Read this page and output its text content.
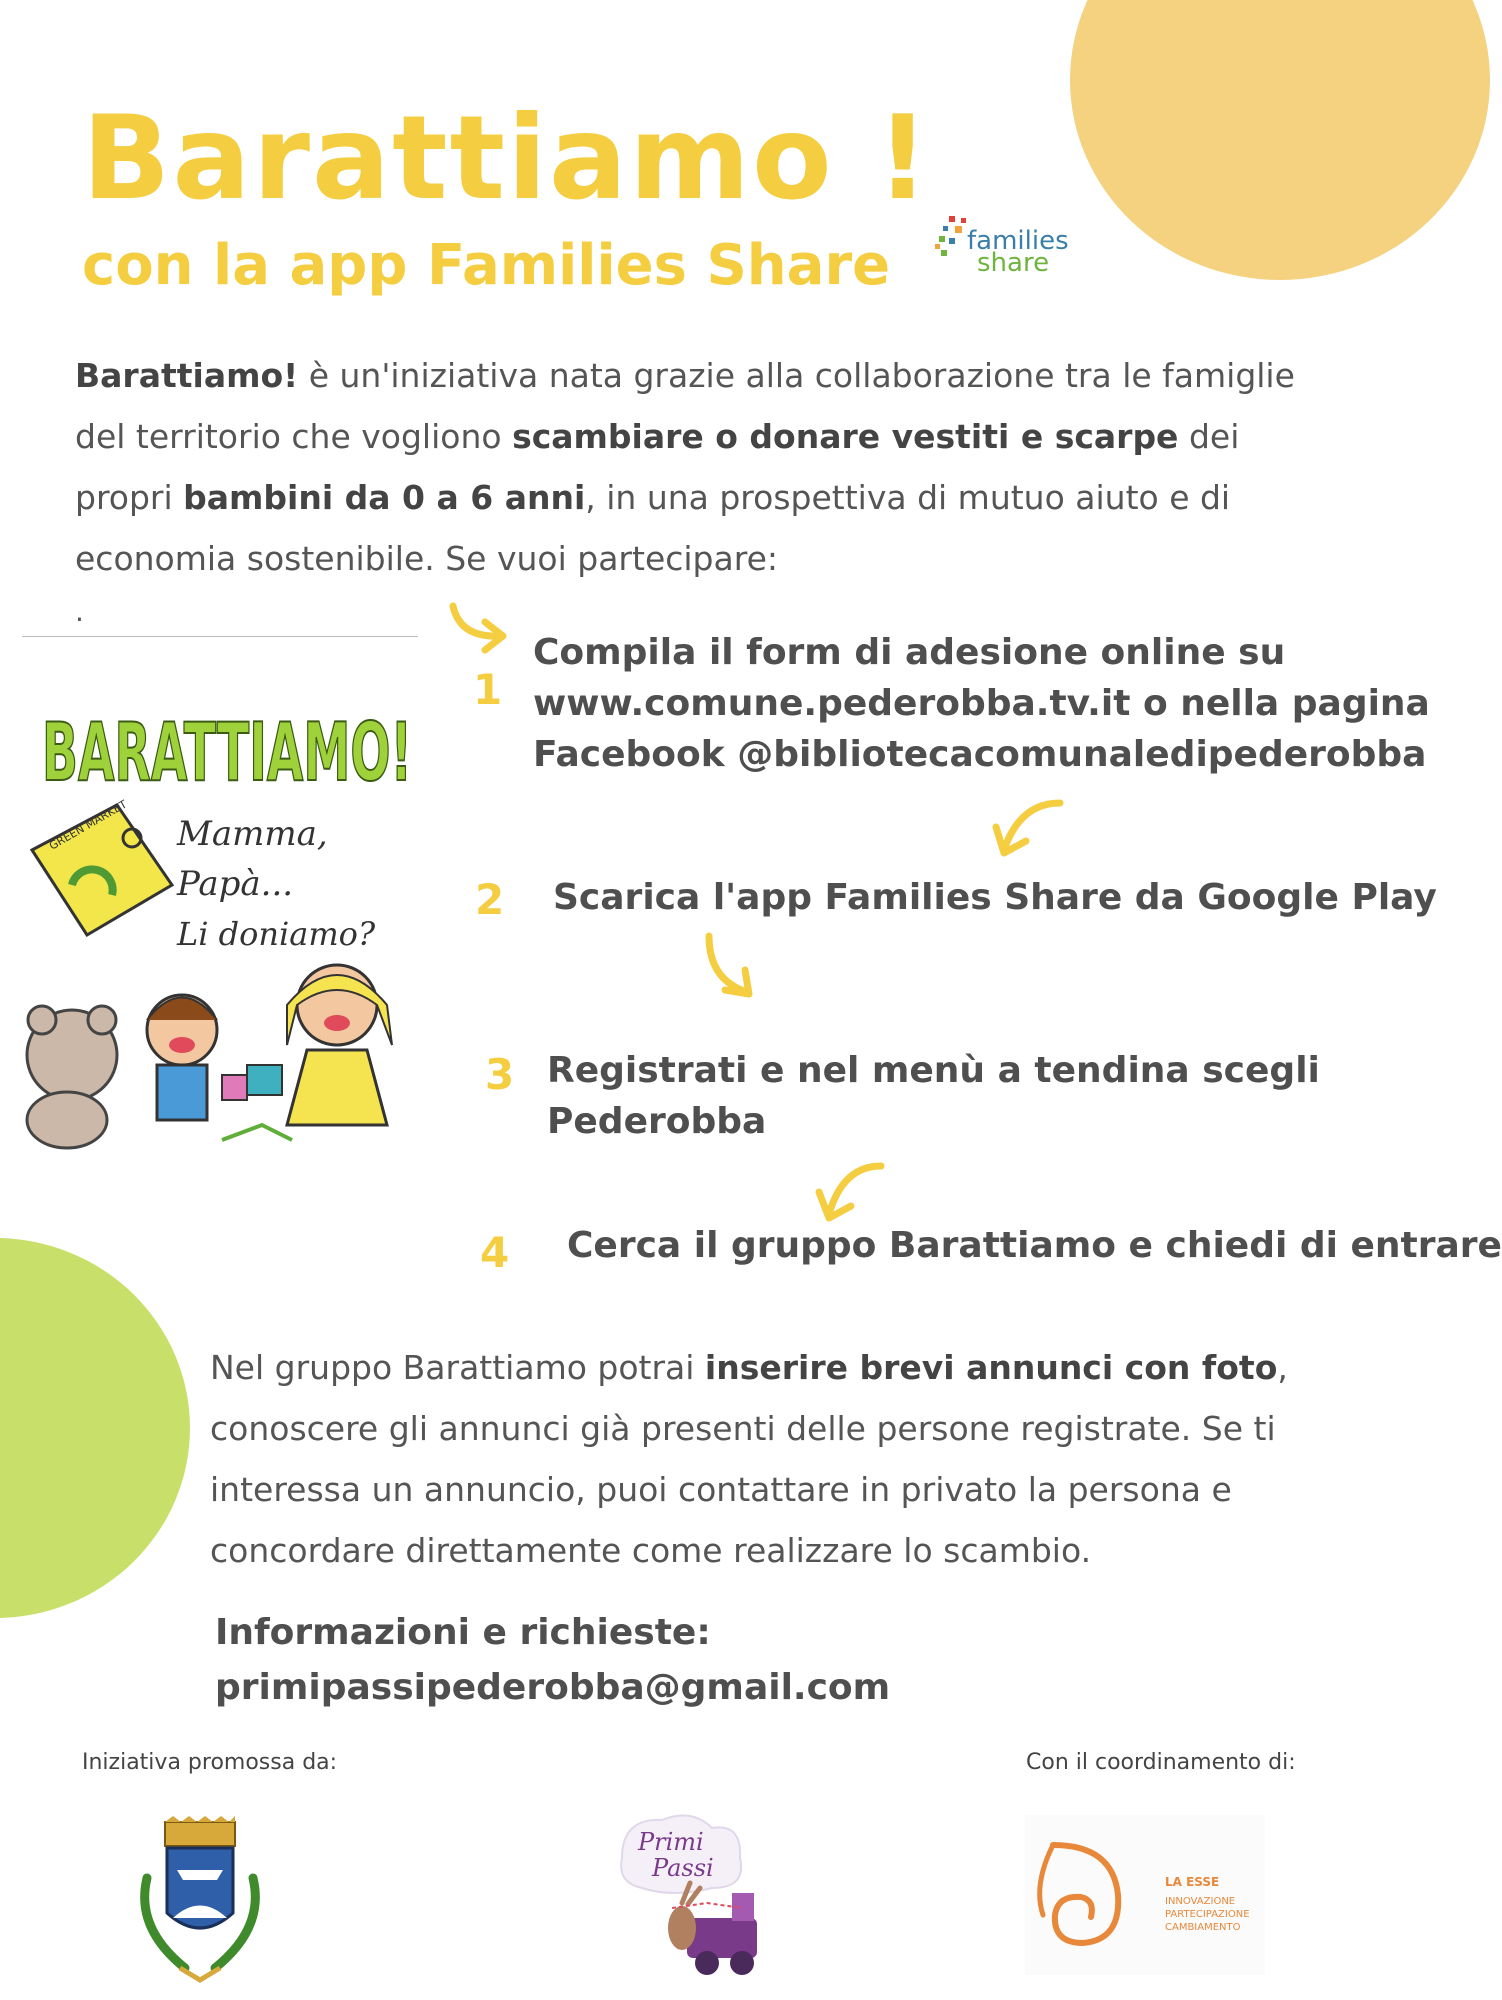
Barattiamo !
con la app Families Share	families
share
Barattiamo! è un'iniziativa nata grazie alla collaborazione tra le famiglie del territorio che vogliono scambiare o donare vestiti e scarpe dei propri bambini da 0 a 6 anni, in una prospettiva di mutuo aiuto e di economia sostenibile. Se vuoi partecipare:
.
BARATTIAMO!
GREEN MARKET Mamma,
Papà...
Li doniamo?
1
Compila il form di adesione online su
www.comune.pederobba.tv.it o nella pagina
Facebook @bibliotecacomunaledipederobba
2 Scarica l'app Families Share da Google Play
3 Registrati e nel menù a tendina scegli
Pederobba
4 Cerca il gruppo Barattiamo e chiedi di entrare
Nel gruppo Barattiamo potrai inserire brevi annunci con foto, conoscere gli annunci già presenti delle persone registrate. Se ti interessa un annuncio, puoi contattare in privato la persona e concordare direttamente come realizzare lo scambio.
Informazioni e richieste:
primipassipederobba@gmail.com
Iniziativa promossa da:	Con il coordinamento di:
Primi
Passi	LA ESSE
INNOVAZIONE
PARTECIPAZIONE
CAMBIAMENTO
